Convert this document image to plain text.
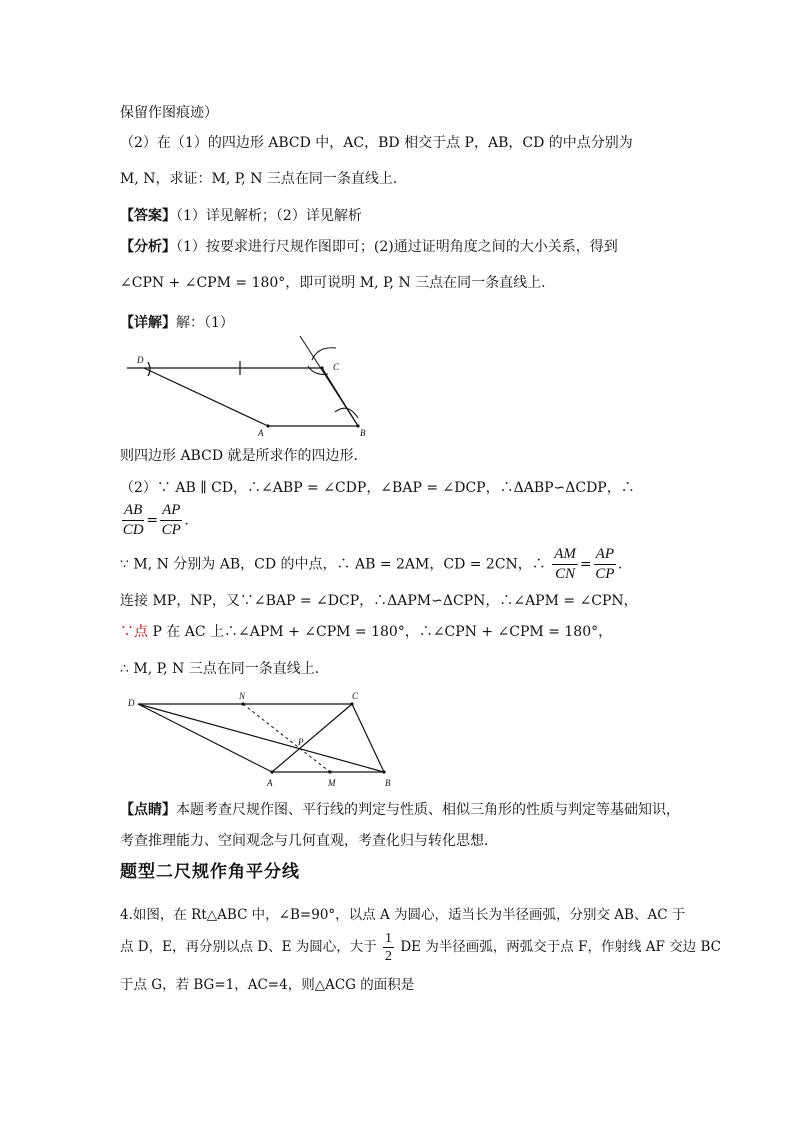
保留作图痕迹）
（2）在（1）的四边形 ABCD 中，AC，BD 相交于点 P，AB，CD 的中点分别为
M, N，求证：M, P, N 三点在同一条直线上．
【答案】（1）详见解析；（2）详见解析
【分析】（1）按要求进行尺规作图即可；(2)通过证明角度之间的大小关系，得到
∠CPN + ∠CPM = 180°，即可说明 M, P, N 三点在同一条直线上．
【详解】解：（1）
D
C
A	B
则四边形 ABCD 就是所求作的四边形．
（2）∵ AB ∥ CD，∴∠ABP = ∠CDP，∠BAP = ∠DCP，∴ΔABP∽ΔCDP，∴
$\frac{AB}{CD} = \frac{AP}{CP}$ ．
∵ M, N 分别为 AB，CD 的中点，∴ AB = 2AM，CD = 2CN，∴ $\frac{AM}{CN} = \frac{AP}{CP}$ ．
连接 MP，NP，又∵∠BAP = ∠DCP，∴ΔAPM∽ΔCPN，∴∠APM = ∠CPN，
∵点 P 在 AC 上∴∠APM + ∠CPM = 180°，∴∠CPN + ∠CPM = 180°，
∴ M, P, N 三点在同一条直线上．
D
N	C
P
A	M	B
【点睛】本题考查尺规作图、平行线的判定与性质、相似三角形的性质与判定等基础知识，
考查推理能力、空间观念与几何直观，考查化归与转化思想．
题型二尺规作角平分线
4.如图，在 Rt△ABC 中，∠B=90°，以点 A 为圆心，适当长为半径画弧，分别交 AB、AC 于
点 D，E，再分别以点 D、E 为圆心，大于 $\frac{1}{2}$ DE 为半径画弧，两弧交于点 F，作射线 AF 交边 BC
于点 G，若 BG=1，AC=4，则△ACG 的面积是
